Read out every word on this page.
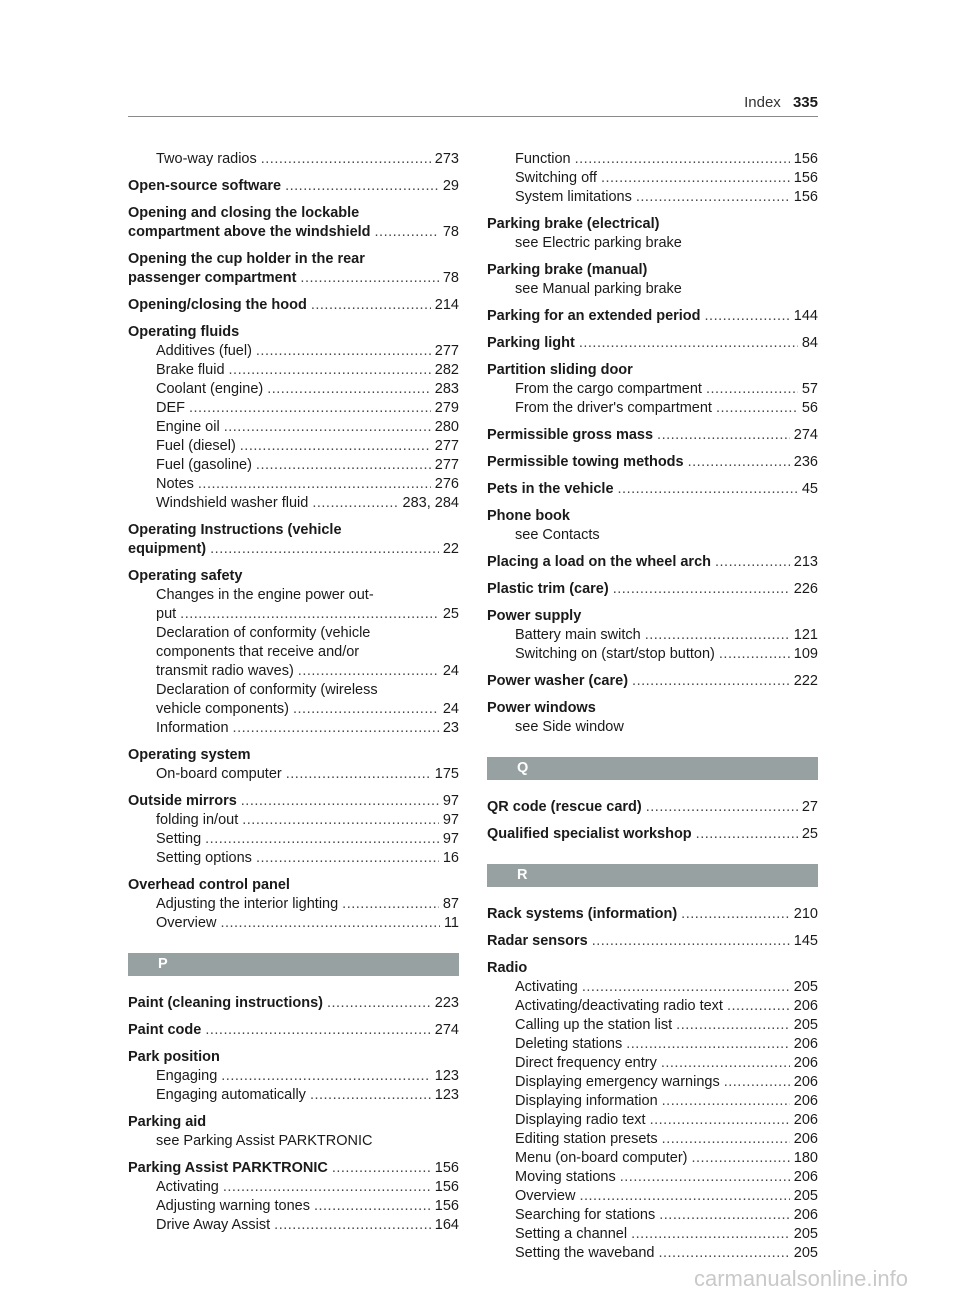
Index 335
Two-way radios .....	273
Open-source software .....	29
Opening and closing the lockable
compartment above the windshield .....	78
Opening the cup holder in the rear
passenger compartment .....	78
Opening/closing the hood .....	214
Operating fluids
Additives (fuel) .....	277
Brake fluid .....	282
Coolant (engine) .....	283
DEF .....	279
Engine oil .....	280
Fuel (diesel) .....	277
Fuel (gasoline) .....	277
Notes .....	276
Windshield washer fluid .....	283, 284
Operating Instructions (vehicle
equipment) .....	22
Operating safety
Changes in the engine power out-
put .....	25
Declaration of conformity (vehicle
components that receive and/or
transmit radio waves) .....	24
Declaration of conformity (wireless
vehicle components) .....	24
Information .....	23
Operating system
On-board computer .....	175
Outside mirrors .....	97
folding in/out .....	97
Setting .....	97
Setting options .....	16
Overhead control panel
Adjusting the interior lighting .....	87
Overview .....	11
P
Paint (cleaning instructions) .....	223
Paint code .....	274
Park position
Engaging .....	123
Engaging automatically .....	123
Parking aid
see Parking Assist PARKTRONIC
Parking Assist PARKTRONIC .....	156
Activating .....	156
Adjusting warning tones .....	156
Drive Away Assist .....	164
Function .....	156
Switching off .....	156
System limitations .....	156
Parking brake (electrical)
see Electric parking brake
Parking brake (manual)
see Manual parking brake
Parking for an extended period .....	144
Parking light .....	84
Partition sliding door
From the cargo compartment .....	57
From the driver's compartment .....	56
Permissible gross mass .....	274
Permissible towing methods .....	236
Pets in the vehicle .....	45
Phone book
see Contacts
Placing a load on the wheel arch .....	213
Plastic trim (care) .....	226
Power supply
Battery main switch .....	121
Switching on (start/stop button) .....	109
Power washer (care) .....	222
Power windows
see Side window
Q
QR code (rescue card) .....	27
Qualified specialist workshop .....	25
R
Rack systems (information) .....	210
Radar sensors .....	145
Radio
Activating .....	205
Activating/deactivating radio text .....	206
Calling up the station list .....	205
Deleting stations .....	206
Direct frequency entry .....	206
Displaying emergency warnings .....	206
Displaying information .....	206
Displaying radio text .....	206
Editing station presets .....	206
Menu (on-board computer) .....	180
Moving stations .....	206
Overview .....	205
Searching for stations .....	206
Setting a channel .....	205
Setting the waveband .....	205
carmanualsonline.info
